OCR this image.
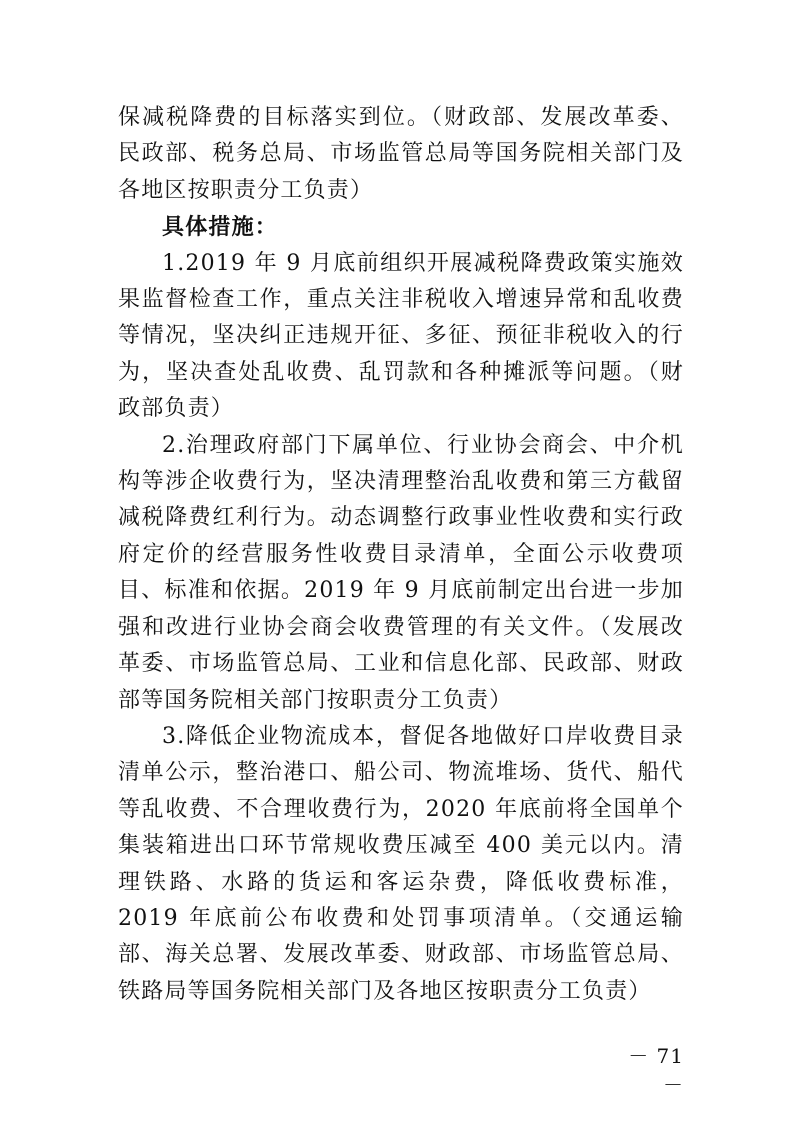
保减税降费的目标落实到位。（财政部、发展改革委、民政部、税务总局、市场监管总局等国务院相关部门及各地区按职责分工负责）

具体措施：

1.2019 年 9 月底前组织开展减税降费政策实施效果监督检查工作，重点关注非税收入增速异常和乱收费等情况，坚决纠正违规开征、多征、预征非税收入的行为，坚决查处乱收费、乱罚款和各种摊派等问题。（财政部负责）

2.治理政府部门下属单位、行业协会商会、中介机构等涉企收费行为，坚决清理整治乱收费和第三方截留减税降费红利行为。动态调整行政事业性收费和实行政府定价的经营服务性收费目录清单，全面公示收费项目、标准和依据。2019 年 9 月底前制定出台进一步加强和改进行业协会商会收费管理的有关文件。（发展改革委、市场监管总局、工业和信息化部、民政部、财政部等国务院相关部门按职责分工负责）

3.降低企业物流成本，督促各地做好口岸收费目录清单公示，整治港口、船公司、物流堆场、货代、船代等乱收费、不合理收费行为，2020 年底前将全国单个集装箱进出口环节常规收费压减至 400 美元以内。清理铁路、水路的货运和客运杂费，降低收费标准，2019 年底前公布收费和处罚事项清单。（交通运输部、海关总署、发展改革委、财政部、市场监管总局、铁路局等国务院相关部门及各地区按职责分工负责）

－ 71 －
